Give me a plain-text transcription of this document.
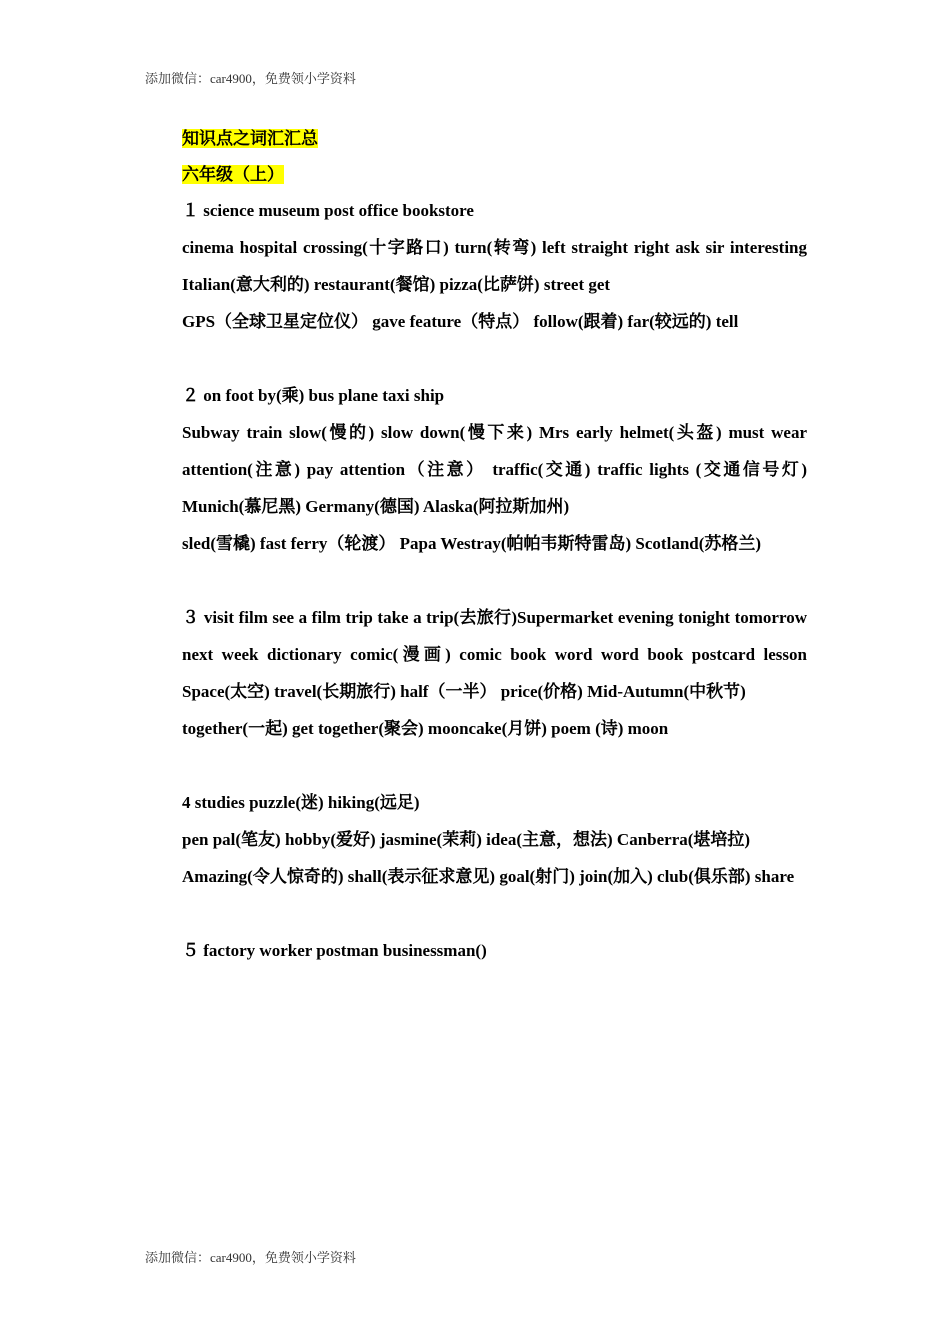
添加微信：car4900，免费领小学资料
知识点之词汇汇总
六年级（上）
１ science museum post office bookstore
cinema hospital crossing(十字路口) turn(转弯) left straight right ask sir interesting Italian(意大利的) restaurant(餐馆) pizza(比萨饼) street get
GPS（全球卫星定位仪） gave feature（特点） follow(跟着) far(较远的) tell
２ on foot by(乘) bus plane taxi ship
Subway train slow(慢的) slow down(慢下来) Mrs early helmet(头盔) must wear attention(注意) pay attention（注意） traffic(交通) traffic lights (交通信号灯) Munich(慕尼黑) Germany(德国) Alaska(阿拉斯加州)
sled(雪橇) fast ferry（轮渡） Papa Westray(帕帕韦斯特雷岛) Scotland(苏格兰)
３ visit film see a film trip take a trip(去旅行)Supermarket evening tonight tomorrow next week dictionary comic(漫画) comic book word word book postcard lesson Space(太空) travel(长期旅行) half（一半） price(价格) Mid-Autumn(中秋节)
together(一起) get together(聚会) mooncake(月饼) poem (诗) moon
4 studies puzzle(迷) hiking(远足)
pen pal(笔友) hobby(爱好) jasmine(茉莉) idea(主意，想法) Canberra(堪培拉)
Amazing(令人惊奇的) shall(表示征求意见) goal(射门) join(加入) club(俱乐部) share
５ factory worker postman businessman()
添加微信：car4900，免费领小学资料
